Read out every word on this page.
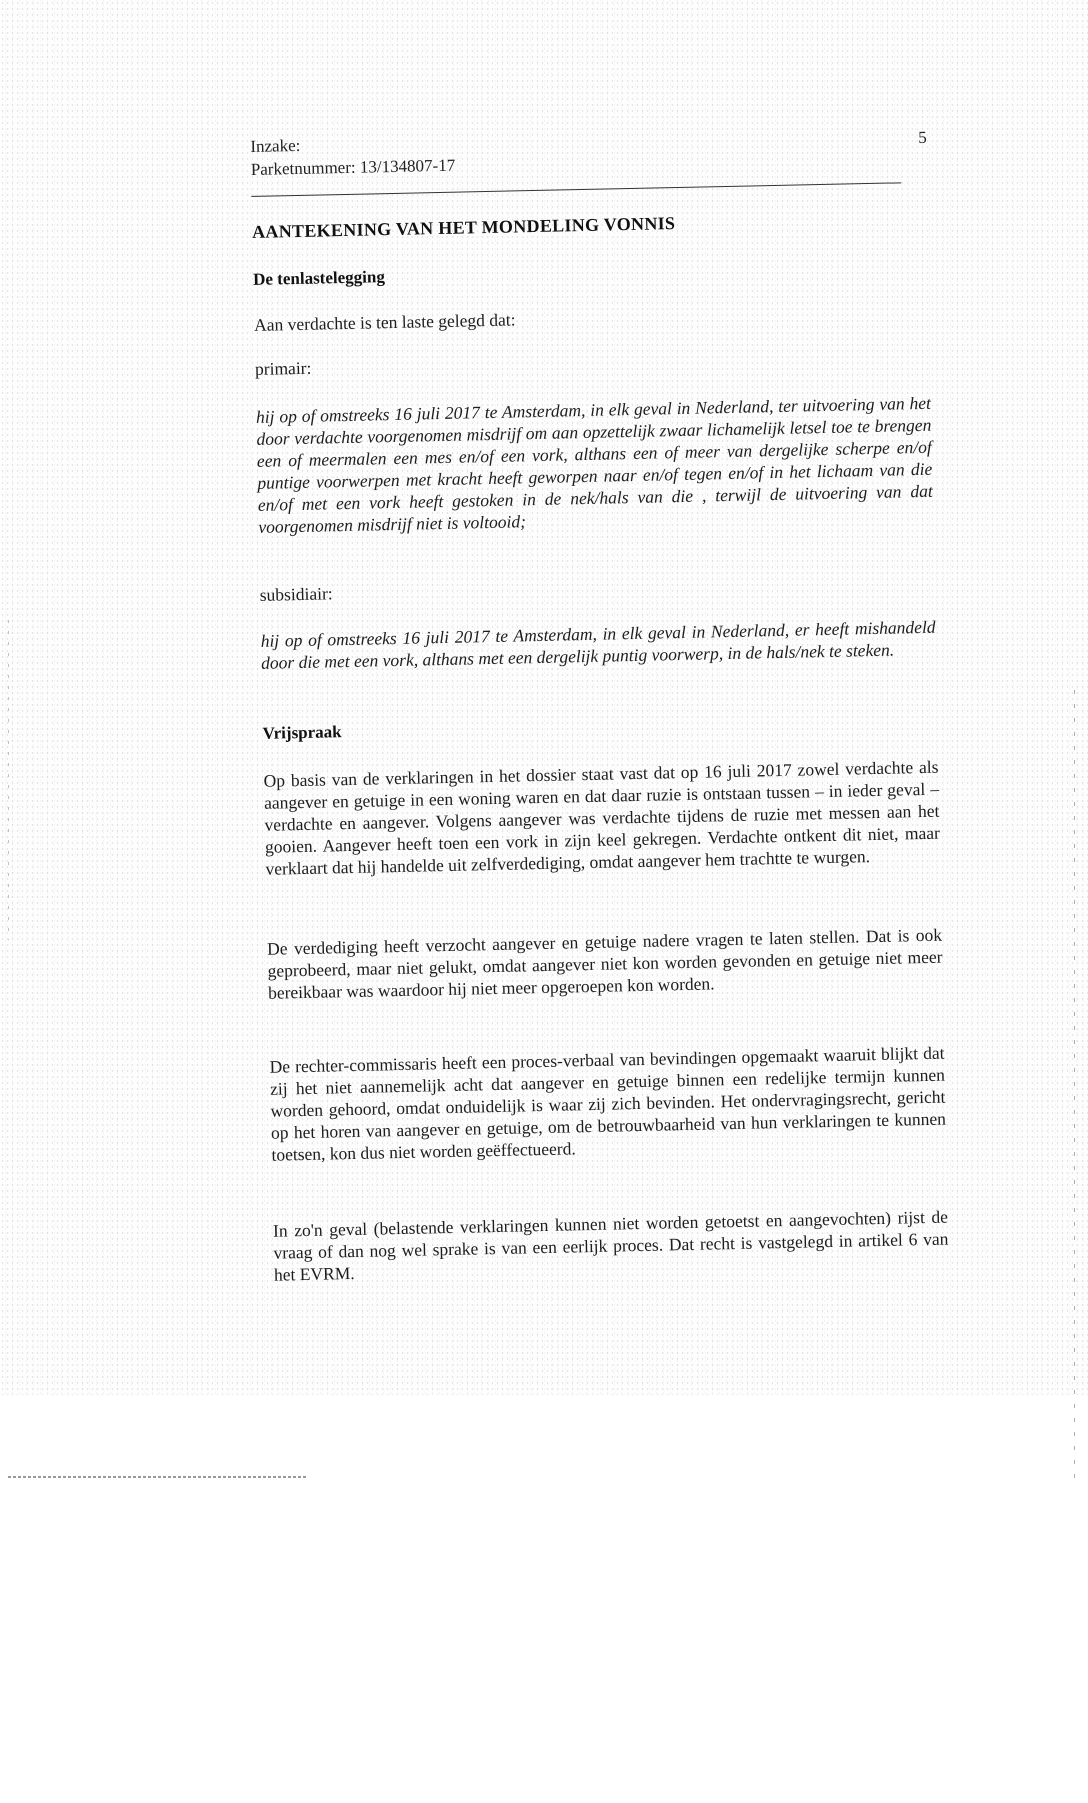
Inzake:
Parketnummer: 13/134807-17
5
AANTEKENING VAN HET MONDELING VONNIS
De tenlastelegging
Aan verdachte is ten laste gelegd dat:
primair:
hij op of omstreeks 16 juli 2017 te Amsterdam, in elk geval in Nederland, ter uitvoering van het door verdachte voorgenomen misdrijf om aan opzettelijk zwaar lichamelijk letsel toe te brengen een of meermalen een mes en/of een vork, althans een of meer van dergelijke scherpe en/of puntige voorwerpen met kracht heeft geworpen naar en/of tegen en/of in het lichaam van die en/of met een vork heeft gestoken in de nek/hals van die , terwijl de uitvoering van dat voorgenomen misdrijf niet is voltooid;
subsidiair:
hij op of omstreeks 16 juli 2017 te Amsterdam, in elk geval in Nederland, er heeft mishandeld door die met een vork, althans met een dergelijk puntig voorwerp, in de hals/nek te steken.
Vrijspraak
Op basis van de verklaringen in het dossier staat vast dat op 16 juli 2017 zowel verdachte als aangever en getuige in een woning waren en dat daar ruzie is ontstaan tussen – in ieder geval – verdachte en aangever. Volgens aangever was verdachte tijdens de ruzie met messen aan het gooien. Aangever heeft toen een vork in zijn keel gekregen. Verdachte ontkent dit niet, maar verklaart dat hij handelde uit zelfverdediging, omdat aangever hem trachtte te wurgen.
De verdediging heeft verzocht aangever en getuige nadere vragen te laten stellen. Dat is ook geprobeerd, maar niet gelukt, omdat aangever niet kon worden gevonden en getuige niet meer bereikbaar was waardoor hij niet meer opgeroepen kon worden.
De rechter-commissaris heeft een proces-verbaal van bevindingen opgemaakt waaruit blijkt dat zij het niet aannemelijk acht dat aangever en getuige binnen een redelijke termijn kunnen worden gehoord, omdat onduidelijk is waar zij zich bevinden. Het ondervragingsrecht, gericht op het horen van aangever en getuige, om de betrouwbaarheid van hun verklaringen te kunnen toetsen, kon dus niet worden geëffectueerd.
In zo'n geval (belastende verklaringen kunnen niet worden getoetst en aangevochten) rijst de vraag of dan nog wel sprake is van een eerlijk proces. Dat recht is vastgelegd in artikel 6 van het EVRM.
